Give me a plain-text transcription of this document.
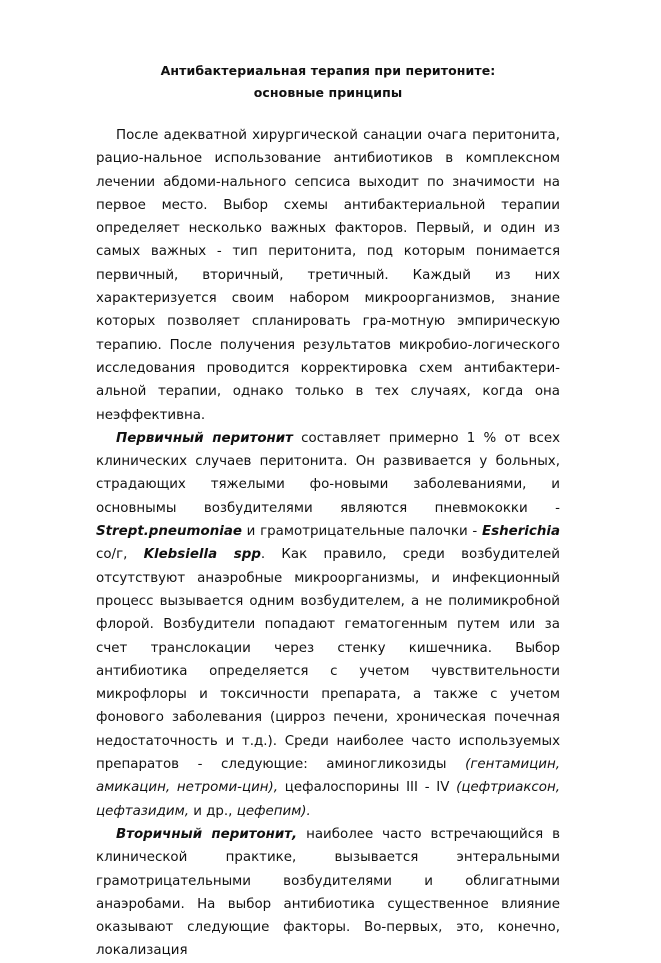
Антибактериальная терапия при перитоните:
основные принципы

После адекватной хирургической санации очага перитонита, рацио-нальное использование антибиотиков в комплексном лечении абдоми-нального сепсиса выходит по значимости на первое место. Выбор схемы антибактериальной терапии определяет несколько важных факторов. Первый, и один из самых важных - тип перитонита, под которым понимается первичный, вторичный, третичный. Каждый из них характеризуется своим набором микроорганизмов, знание которых позволяет спланировать гра-мотную эмпирическую терапию. После получения результатов микробио-логического исследования проводится корректировка схем антибактери-альной терапии, однако только в тех случаях, когда она неэффективна.

Первичный перитонит составляет примерно 1 % от всех клинических случаев перитонита. Он развивается у больных, страдающих тяжелыми фо-новыми заболеваниями, и основнымы возбудителями являются пневмококки - Strept.pneumoniae и грамотрицательные палочки - Esherichia со/г, Klebsiella spp. Как правило, среди возбудителей отсутствуют анаэробные микроорганизмы, и инфекционный процесс вызывается одним возбудителем, а не полимикробной флорой. Возбудители попадают гематогенным путем или за счет транслокации через стенку кишечника. Выбор антибиотика определяется с учетом чувствительности микрофлоры и токсичности препарата, а также с учетом фонового заболевания (цирроз печени, хроническая почечная недостаточность и т.д.). Среди наиболее часто используемых препаратов - следующие: аминогликозиды (гентамицин, амикацин, нетроми-цин), цефалоспорины III - IV (цефтриаксон, цефтазидим, и др., цефепим).

Вторичный перитонит, наиболее часто встречающийся в клинической практике, вызывается энтеральными грамотрицательными возбудителями и облигатными анаэробами. На выбор антибиотика существенное влияние оказывают следующие факторы. Во-первых, это, конечно, локализация
